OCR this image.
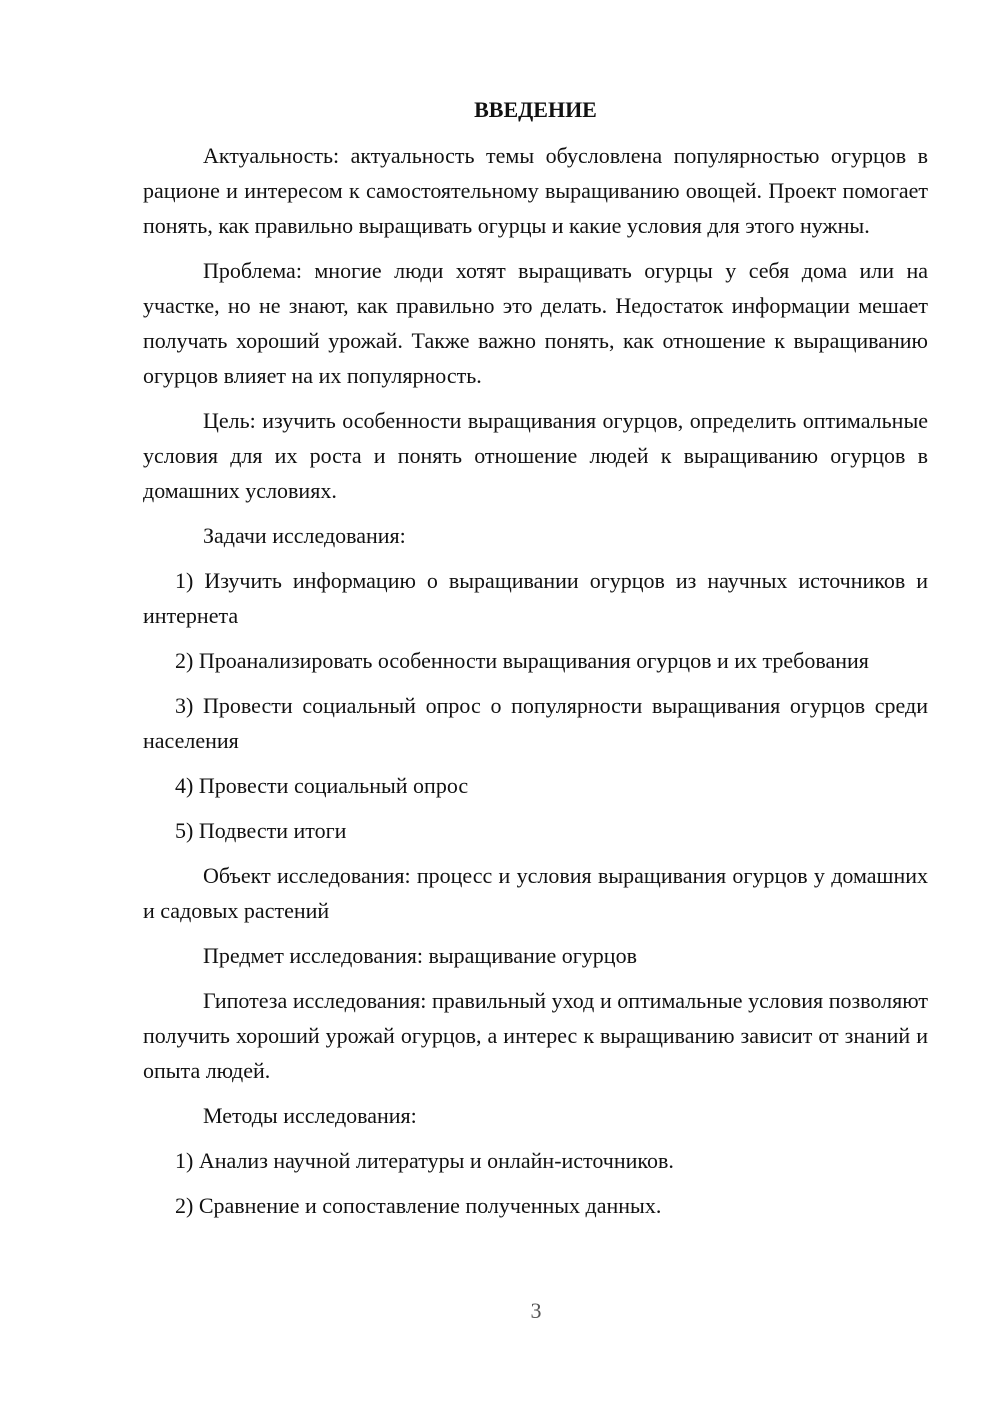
ВВЕДЕНИЕ

Актуальность: актуальность темы обусловлена популярностью огурцов в рационе и интересом к самостоятельному выращиванию овощей. Проект помогает понять, как правильно выращивать огурцы и какие условия для этого нужны.

Проблема: многие люди хотят выращивать огурцы у себя дома или на участке, но не знают, как правильно это делать. Недостаток информации мешает получать хороший урожай. Также важно понять, как отношение к выращиванию огурцов влияет на их популярность.

Цель: изучить особенности выращивания огурцов, определить оптимальные условия для их роста и понять отношение людей к выращиванию огурцов в домашних условиях.

Задачи исследования:

1) Изучить информацию о выращивании огурцов из научных источников и интернета

2) Проанализировать особенности выращивания огурцов и их требования

3) Провести социальный опрос о популярности выращивания огурцов среди населения

4) Провести социальный опрос

5) Подвести итоги

Объект исследования: процесс и условия выращивания огурцов у домашних и садовых растений

Предмет исследования: выращивание огурцов

Гипотеза исследования: правильный уход и оптимальные условия позволяют получить хороший урожай огурцов, а интерес к выращиванию зависит от знаний и опыта людей.

Методы исследования:

1) Анализ научной литературы и онлайн-источников.

2) Сравнение и сопоставление полученных данных.

3
